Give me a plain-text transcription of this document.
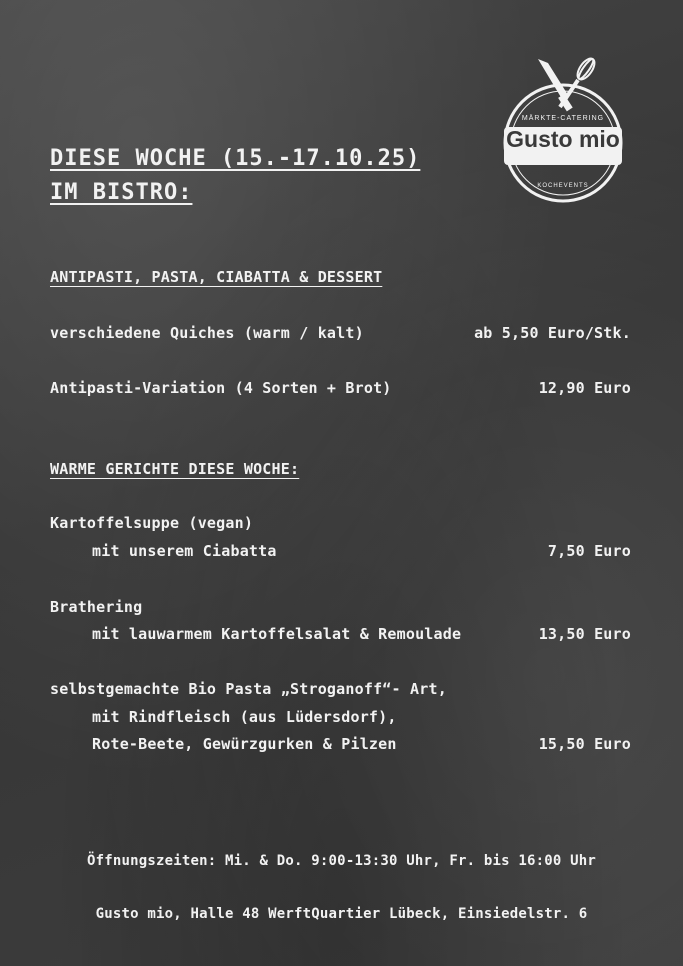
MÄRKTE-CATERING
Gusto mio
KOCHEVENTS
DIESE WOCHE (15.-17.10.25)
IM BISTRO:
ANTIPASTI, PASTA, CIABATTA & DESSERT
verschiedene Quiches (warm / kalt)	ab 5,50 Euro/Stk.
Antipasti-Variation (4 Sorten + Brot)	12,90 Euro
WARME GERICHTE DIESE WOCHE:
Kartoffelsuppe (vegan)
mit unserem Ciabatta	7,50 Euro
Brathering
mit lauwarmem Kartoffelsalat & Remoulade	13,50 Euro
selbstgemachte Bio Pasta „Stroganoff“- Art,
mit Rindfleisch (aus Lüdersdorf),
Rote-Beete, Gewürzgurken & Pilzen	15,50 Euro
Öffnungszeiten: Mi. & Do. 9:00-13:30 Uhr, Fr. bis 16:00 Uhr
Gusto mio, Halle 48 WerftQuartier Lübeck, Einsiedelstr. 6
